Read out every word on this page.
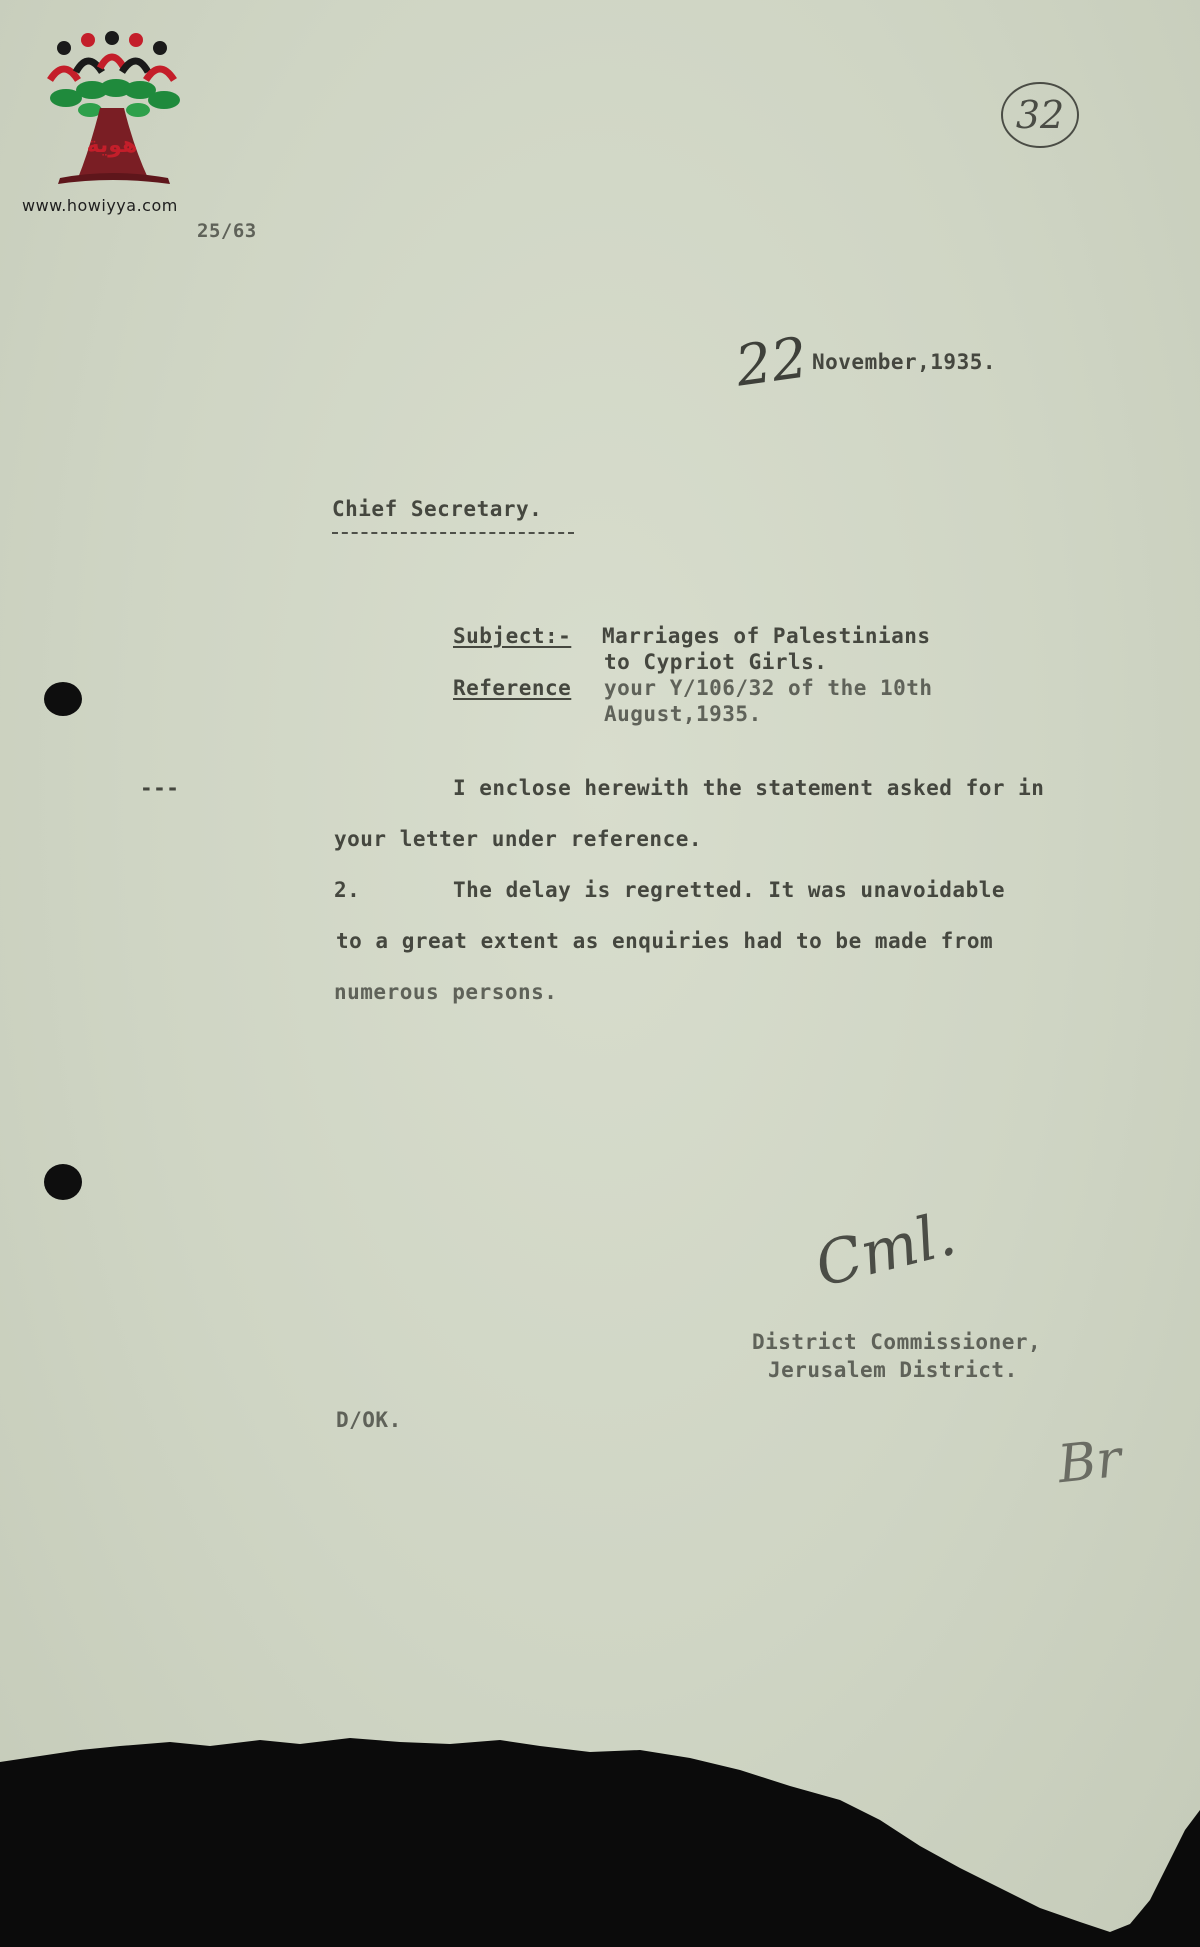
هوية
www.howiyya.com
25/63
32
22 November,1935.
Chief Secretary.
Subject:- Marriages of Palestinians
to Cypriot Girls.
Reference your Y/106/32 of the 10th
August,1935.
---	I enclose herewith the statement asked for in
your letter under reference.
2.	The delay is regretted. It was unavoidable
to a great extent as enquiries had to be made from
numerous persons.
Cml.
District Commissioner,
Jerusalem District.
D/OK.
Br
